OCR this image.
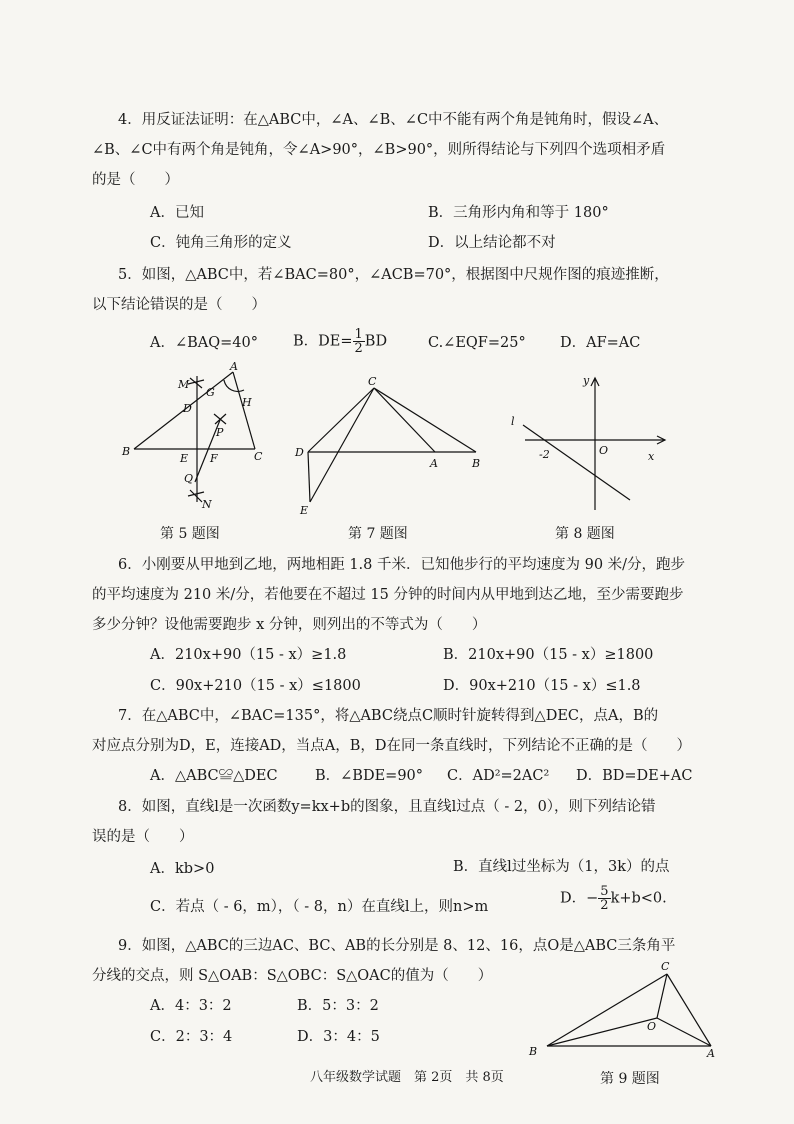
4．用反证法证明：在△ABC中，∠A、∠B、∠C中不能有两个角是钝角时，假设∠A、
∠B、∠C中有两个角是钝角，令∠A>90°，∠B>90°，则所得结论与下列四个选项相矛盾
的是（　　）
A．已知	B．三角形内角和等于 180°
C．钝角三角形的定义	D．以上结论都不对
5．如图，△ABC中，若∠BAC=80°，∠ACB=70°，根据图中尺规作图的痕迹推断，
以下结论错误的是（　　）
A．∠BAQ=40° B．$DE= \frac{1}{2}$ BD	C.∠EQF=25° D．AF=AC
M
A
G
H
D
P
B
E F	C
Q
N
第 5 题图
C
D
A	B
E
第 7 题图
y
l
-2	O	x
第 8 题图
6．小刚要从甲地到乙地，两地相距 1.8 千米．已知他步行的平均速度为 90 米/分，跑步
的平均速度为 210 米/分，若他要在不超过 15 分钟的时间内从甲地到达乙地，至少需要跑步
多少分钟？设他需要跑步 x 分钟，则列出的不等式为（　　）
A．210x+90（15 - x）≥1.8	B．210x+90（15 - x）≥1800
C．90x+210（15 - x）≤1800	D．90x+210（15 - x）≤1.8
7．在△ABC中，∠BAC=135°，将△ABC绕点C顺时针旋转得到△DEC，点A，B的
对应点分别为D，E，连接AD，当点A，B，D在同一条直线时，下列结论不正确的是（　　）
A．△ABC≌△DEC	B．∠BDE=90° C．AD²=2AC² D．BD=DE+AC
8．如图，直线l是一次函数y=kx+b的图象，且直线l过点（ - 2，0），则下列结论错
误的是（　　）
A．kb>0	B．直线l过坐标为（1，3k）的点
C．若点（ - 6，m），（ - 8，n）在直线l上，则n>m
D．− $\frac{5}{2} k+b<0$.
9．如图，△ABC的三边AC、BC、AB的长分别是 8、12、16，点O是△ABC三条角平
分线的交点，则 S△OAB：S△OBC：S△OAC的值为（　　）
A．4：3：2	B．5：3：2
C．2：3：4	D．3：4：5
C
O
B	A
第 9 题图
八年级数学试题　第 2页　共 8页
